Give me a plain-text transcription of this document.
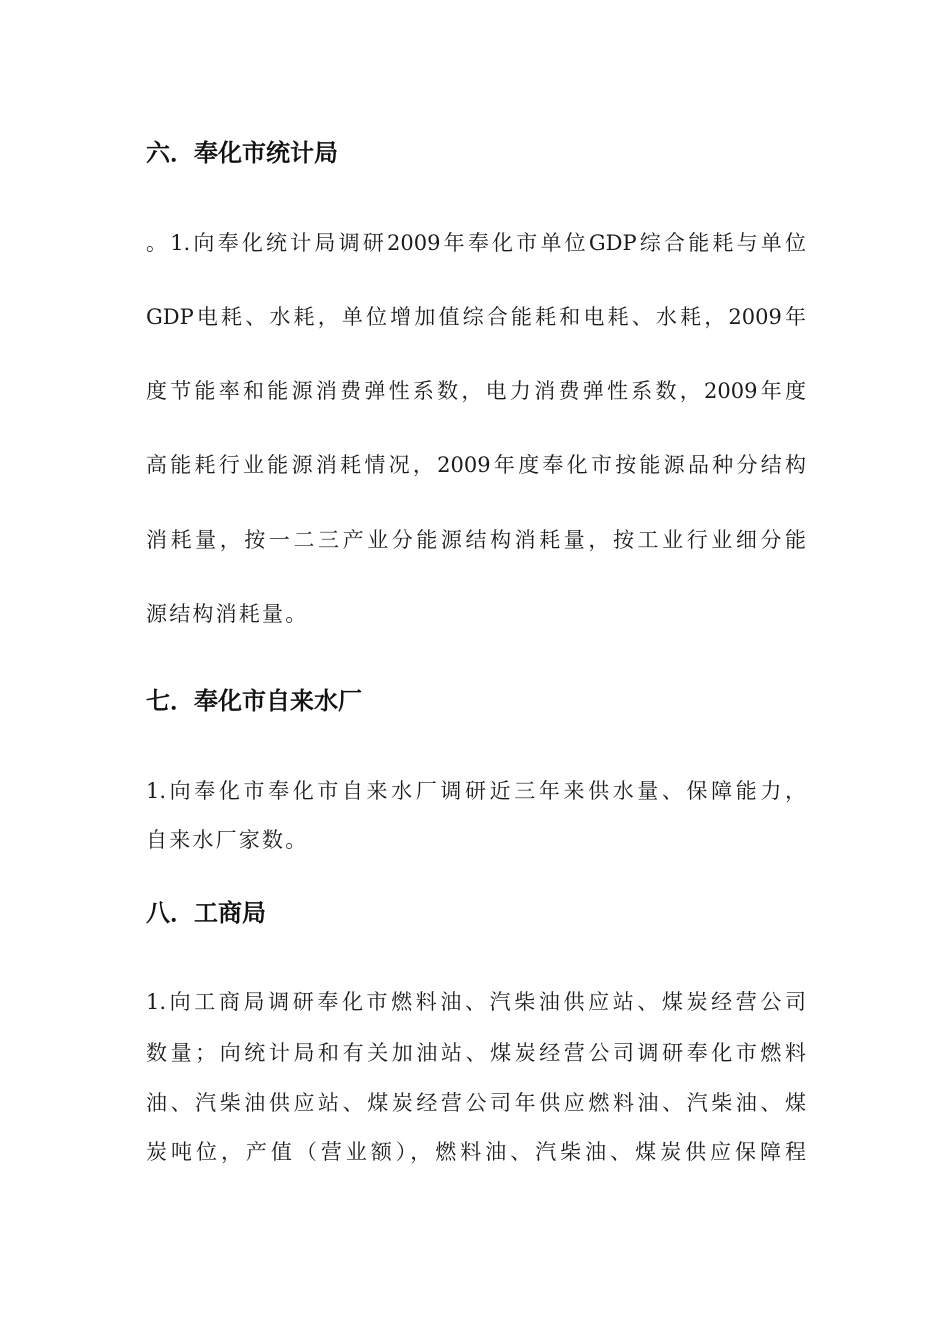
六．奉化市统计局
。1.向奉化统计局调研2009年奉化市单位GDP综合能耗与单位
GDP电耗、水耗，单位增加值综合能耗和电耗、水耗，2009年
度节能率和能源消费弹性系数，电力消费弹性系数，2009年度
高能耗行业能源消耗情况，2009年度奉化市按能源品种分结构
消耗量，按一二三产业分能源结构消耗量，按工业行业细分能
源结构消耗量。
七．奉化市自来水厂
1.向奉化市奉化市自来水厂调研近三年来供水量、保障能力，
自来水厂家数。
八．工商局
1.向工商局调研奉化市燃料油、汽柴油供应站、煤炭经营公司
数量；向统计局和有关加油站、煤炭经营公司调研奉化市燃料
油、汽柴油供应站、煤炭经营公司年供应燃料油、汽柴油、煤
炭吨位，产值（营业额），燃料油、汽柴油、煤炭供应保障程
